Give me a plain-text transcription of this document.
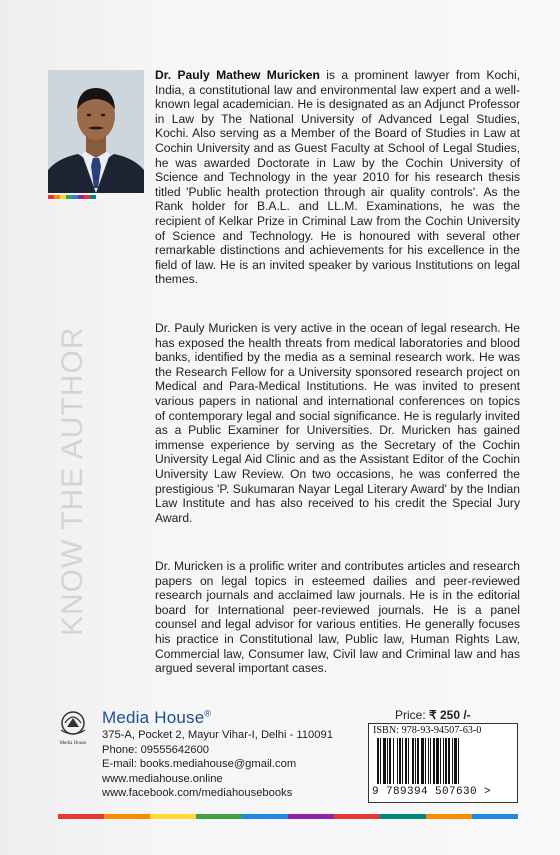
KNOW THE AUTHOR

Dr. Pauly Mathew Muricken is a prominent lawyer from Kochi, India, a constitutional law and environmental law expert and a well-known legal academician. He is designated as an Adjunct Professor in Law by The National University of Advanced Legal Studies, Kochi. Also serving as a Member of the Board of Studies in Law at Cochin University and as Guest Faculty at School of Legal Studies, he was awarded Doctorate in Law by the Cochin University of Science and Technology in the year 2010 for his research thesis titled 'Public health protection through air quality controls'. As the Rank holder for B.A.L. and LL.M. Examinations, he was the recipient of Kelkar Prize in Criminal Law from the Cochin University of Science and Technology. He is honoured with several other remarkable distinctions and achievements for his excellence in the field of law. He is an invited speaker by various Institutions on legal themes.

Dr. Pauly Muricken is very active in the ocean of legal research. He has exposed the health threats from medical laboratories and blood banks, identified by the media as a seminal research work. He was the Research Fellow for a University sponsored research project on Medical and Para-Medical Institutions. He was invited to present various papers in national and international conferences on topics of contemporary legal and social significance. He is regularly invited as a Public Examiner for Universities. Dr. Muricken has gained immense experience by serving as the Secretary of the Cochin University Legal Aid Clinic and as the Assistant Editor of the Cochin University Law Review. On two occasions, he was conferred the prestigious 'P. Sukumaran Nayar Legal Literary Award' by the Indian Law Institute and has also received to his credit the Special Jury Award.

Dr. Muricken is a prolific writer and contributes articles and research papers on legal topics in esteemed dailies and peer-reviewed research journals and acclaimed law journals. He is in the editorial board for International peer-reviewed journals. He is a panel counsel and legal advisor for various entities. He generally focuses his practice in Constitutional law, Public law, Human Rights Law, Commercial law, Consumer law, Civil law and Criminal law and has argued several important cases.

Media House
Media House®
375-A, Pocket 2, Mayur Vihar-I, Delhi - 110091
Phone: 09555642600
E-mail: books.mediahouse@gmail.com
www.mediahouse.online
www.facebook.com/mediahousebooks
Price: ₹ 250 /-
ISBN: 978-93-94507-63-0
9 789394 507630 >
